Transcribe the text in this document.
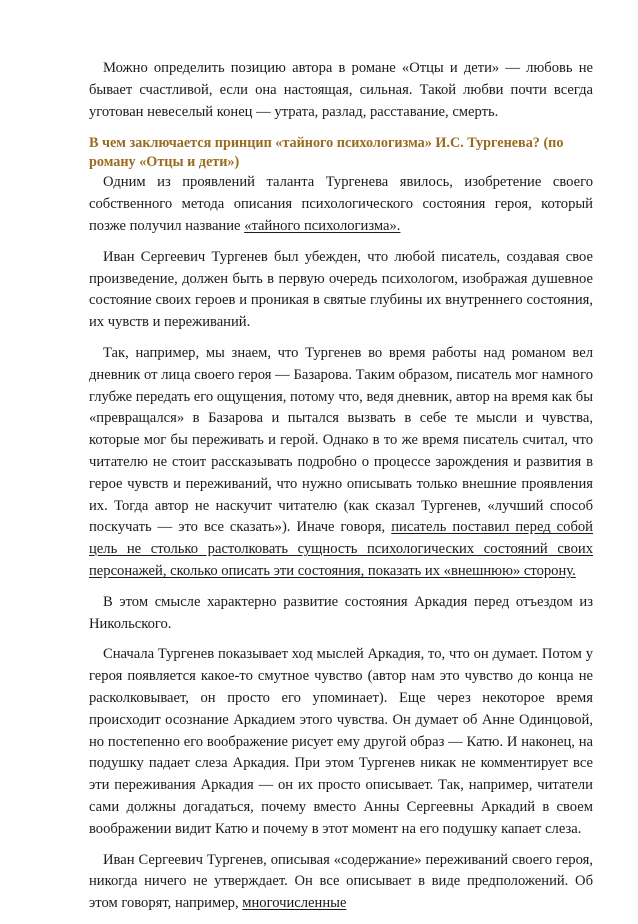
Можно определить позицию автора в романе «Отцы и дети» — любовь не бывает счастливой, если она настоящая, сильная. Такой любви почти всегда уготован невеселый конец — утрата, разлад, расставание, смерть.

В чем заключается принцип «тайного психологизма» И.С. Тургенева? (по роману «Отцы и дети»)

Одним из проявлений таланта Тургенева явилось, изобретение своего собственного метода описания психологического состояния героя, который позже получил название «тайного психологизма».

Иван Сергеевич Тургенев был убежден, что любой писатель, создавая свое произведение, должен быть в первую очередь психологом, изображая душевное состояние своих героев и проникая в святые глубины их внутреннего состояния, их чувств и переживаний.

Так, например, мы знаем, что Тургенев во время работы над романом вел дневник от лица своего героя — Базарова. Таким образом, писатель мог намного глубже передать его ощущения, потому что, ведя дневник, автор на время как бы «превращался» в Базарова и пытался вызвать в себе те мысли и чувства, которые мог бы переживать и герой. Однако в то же время писатель считал, что читателю не стоит рассказывать подробно о процессе зарождения и развития в герое чувств и переживаний, что нужно описывать только внешние проявления их. Тогда автор не наскучит читателю (как сказал Тургенев, «лучший способ поскучать — это все сказать»). Иначе говоря, писатель поставил перед собой цель не столько растолковать сущность психологических состояний своих персонажей, сколько описать эти состояния, показать их «внешнюю» сторону.

В этом смысле характерно развитие состояния Аркадия перед отъездом из Никольского.

Сначала Тургенев показывает ход мыслей Аркадия, то, что он думает. Потом у героя появляется какое-то смутное чувство (автор нам это чувство до конца не расколковывает, он просто его упоминает). Еще через некоторое время происходит осознание Аркадием этого чувства. Он думает об Анне Одинцовой, но постепенно его воображение рисует ему другой образ — Катю. И наконец, на подушку падает слеза Аркадия. При этом Тургенев никак не комментирует все эти переживания Аркадия — он их просто описывает. Так, например, читатели сами должны догадаться, почему вместо Анны Сергеевны Аркадий в своем воображении видит Катю и почему в этот момент на его подушку капает слеза.

Иван Сергеевич Тургенев, описывая «содержание» переживаний своего героя, никогда ничего не утверждает. Он все описывает в виде предположений. Об этом говорят, например, многочисленные
